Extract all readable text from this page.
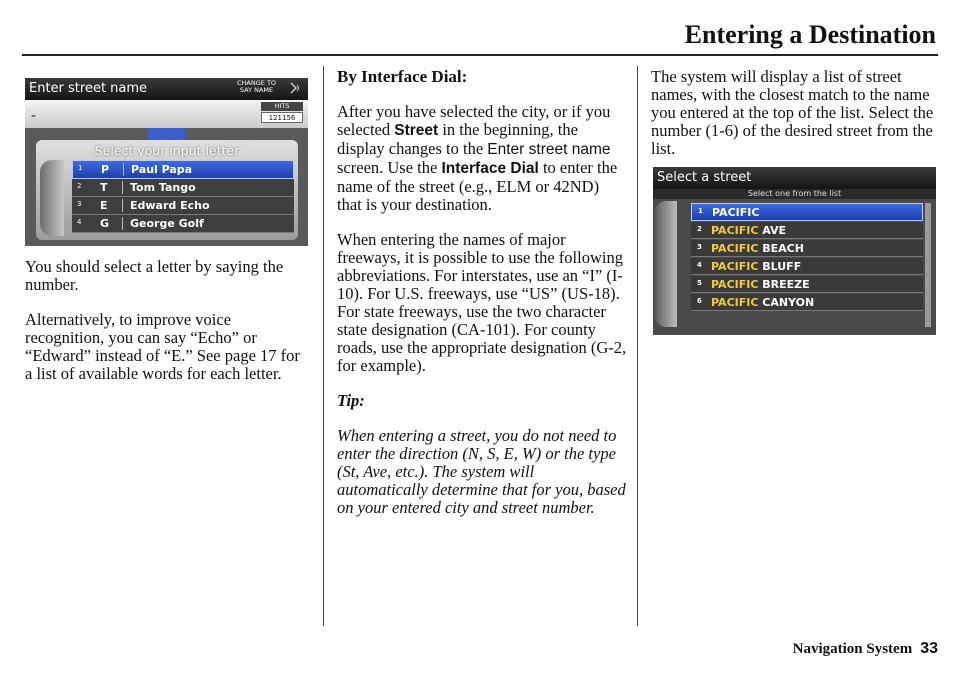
Entering a Destination
Enter street name	CHANGE TO
SAY NAME
-
HITS
121156
Select your input letter
1 P Paul Papa
2 T Tom Tango
3 E Edward Echo
4 G George Golf

You should select a letter by saying the number.

Alternatively, to improve voice recognition, you can say “Echo” or “Edward” instead of “E.” See page 17 for a list of available words for each letter.

By Interface Dial:

After you have selected the city, or if you selected Street in the beginning, the display changes to the Enter street name screen. Use the Interface Dial to enter the name of the street (e.g., ELM or 42ND) that is your destination.

When entering the names of major freeways, it is possible to use the following abbreviations. For interstates, use an “I” (I-10). For U.S. freeways, use “US” (US-18). For state freeways, use the two character state designation (CA-101). For county roads, use the appropriate designation (G-2, for example).

Tip:

When entering a street, you do not need to enter the direction (N, S, E, W) or the type (St, Ave, etc.). The system will automatically determine that for you, based on your entered city and street number.

The system will display a list of street names, with the closest match to the name you entered at the top of the list. Select the number (1-6) of the desired street from the list.

Select a street
Select one from the list
1 PACIFIC
2 PACIFIC AVE
3 PACIFIC BEACH
4 PACIFIC BLUFF
5 PACIFIC BREEZE
6 PACIFIC CANYON
Navigation System 33
